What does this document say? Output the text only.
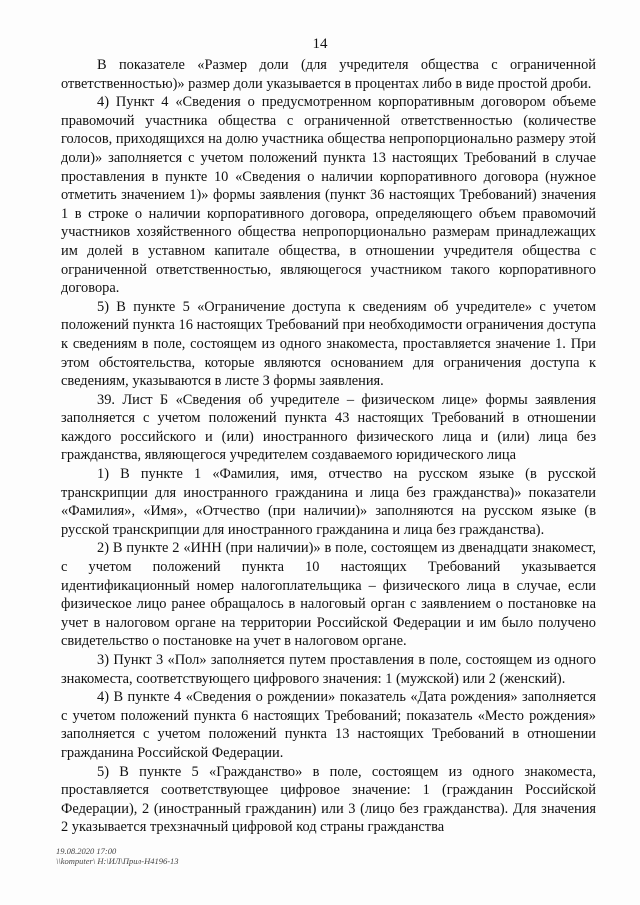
14

В показателе «Размер доли (для учредителя общества с ограниченной ответственностью)» размер доли указывается в процентах либо в виде простой дроби.

4) Пункт 4 «Сведения о предусмотренном корпоративным договором объеме правомочий участника общества с ограниченной ответственностью (количестве голосов, приходящихся на долю участника общества непропорционально размеру этой доли)» заполняется с учетом положений пункта 13 настоящих Требований в случае проставления в пункте 10 «Сведения о наличии корпоративного договора (нужное отметить значением 1)» формы заявления (пункт 36 настоящих Требований) значения 1 в строке о наличии корпоративного договора, определяющего объем правомочий участников хозяйственного общества непропорционально размерам принадлежащих им долей в уставном капитале общества, в отношении учредителя общества с ограниченной ответственностью, являющегося участником такого корпоративного договора.

5) В пункте 5 «Ограничение доступа к сведениям об учредителе» с учетом положений пункта 16 настоящих Требований при необходимости ограничения доступа к сведениям в поле, состоящем из одного знакоместа, проставляется значение 1. При этом обстоятельства, которые являются основанием для ограничения доступа к сведениям, указываются в листе З формы заявления.

39. Лист Б «Сведения об учредителе – физическом лице» формы заявления заполняется с учетом положений пункта 43 настоящих Требований в отношении каждого российского и (или) иностранного физического лица и (или) лица без гражданства, являющегося учредителем создаваемого юридического лица

1) В пункте 1 «Фамилия, имя, отчество на русском языке (в русской транскрипции для иностранного гражданина и лица без гражданства)» показатели «Фамилия», «Имя», «Отчество (при наличии)» заполняются на русском языке (в русской транскрипции для иностранного гражданина и лица без гражданства).

2) В пункте 2 «ИНН (при наличии)» в поле, состоящем из двенадцати знакомест, с учетом положений пункта 10 настоящих Требований указывается идентификационный номер налогоплательщика – физического лица в случае, если физическое лицо ранее обращалось в налоговый орган с заявлением о постановке на учет в налоговом органе на территории Российской Федерации и им было получено свидетельство о постановке на учет в налоговом органе.

3) Пункт 3 «Пол» заполняется путем проставления в поле, состоящем из одного знакоместа, соответствующего цифрового значения: 1 (мужской) или 2 (женский).

4) В пункте 4 «Сведения о рождении» показатель «Дата рождения» заполняется с учетом положений пункта 6 настоящих Требований; показатель «Место рождения» заполняется с учетом положений пункта 13 настоящих Требований в отношении гражданина Российской Федерации.

5) В пункте 5 «Гражданство» в поле, состоящем из одного знакоместа, проставляется соответствующее цифровое значение: 1 (гражданин Российской Федерации), 2 (иностранный гражданин) или 3 (лицо без гражданства). Для значения 2 указывается трехзначный цифровой код страны гражданства

19.08.2020 17:00
\\komputer\ Н:\ИЛ\Прил-Н4196-13
